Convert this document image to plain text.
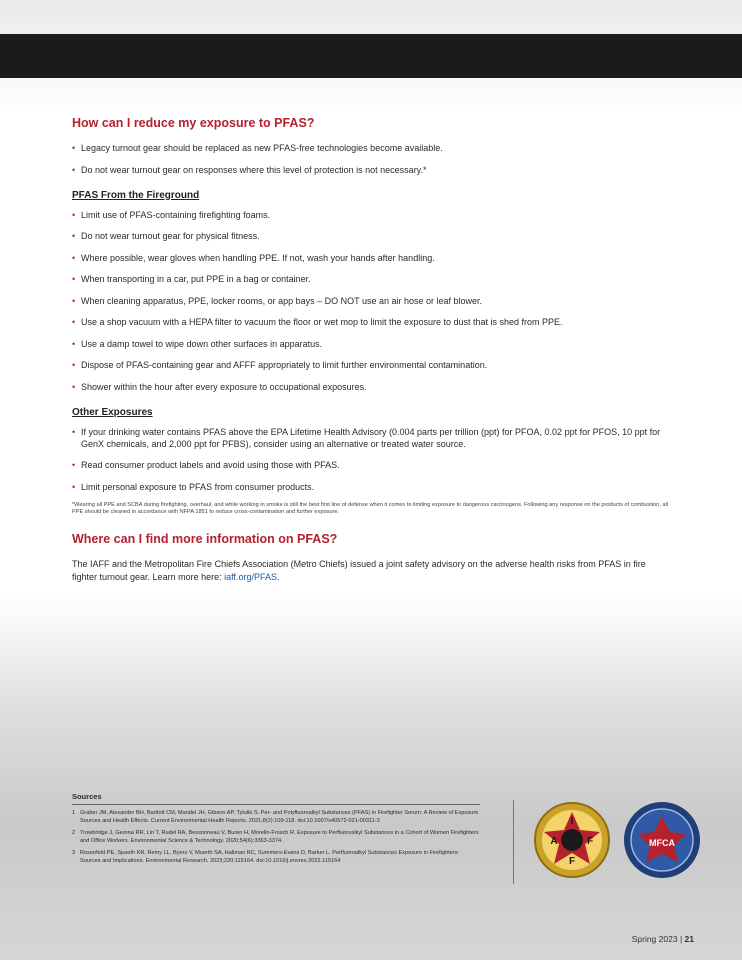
How can I reduce my exposure to PFAS?
• Legacy turnout gear should be replaced as new PFAS-free technologies become available.
• Do not wear turnout gear on responses where this level of protection is not necessary.*
PFAS From the Fireground
• Limit use of PFAS-containing firefighting foams.
• Do not wear turnout gear for physical fitness.
• Where possible, wear gloves when handling PPE. If not, wash your hands after handling.
• When transporting in a car, put PPE in a bag or container.
• When cleaning apparatus, PPE, locker rooms, or app bays – DO NOT use an air hose or leaf blower.
• Use a shop vacuum with a HEPA filter to vacuum the floor or wet mop to limit the exposure to dust that is shed from PPE.
• Use a damp towel to wipe down other surfaces in apparatus.
• Dispose of PFAS-containing gear and AFFF appropriately to limit further environmental contamination.
• Shower within the hour after every exposure to occupational exposures.
Other Exposures
• If your drinking water contains PFAS above the EPA Lifetime Health Advisory (0.004 parts per trillion (ppt) for PFOA, 0.02 ppt for PFOS, 10 ppt for GenX chemicals, and 2,000 ppt for PFBS), consider using an alternative or treated water source.
• Read consumer product labels and avoid using those with PFAS.
• Limit personal exposure to PFAS from consumer products.

*Wearing all PPE and SCBA during firefighting, overhaul, and while working in smoke is still the best first line of defense when it comes to limiting exposure to dangerous carcinogens. Following any response on the products of combustion, all PPE should be cleaned in accordance with NFPA 1851 to reduce cross-contamination and further exposure.

Where can I find more information on PFAS?

The IAFF and the Metropolitan Fire Chiefs Association (Metro Chiefs) issued a joint safety advisory on the adverse health risks from PFAS in fire fighter turnout gear. Learn more here: iaff.org/PFAS.

Sources
1 Graber JM, Alexander BH, Bartlett CM, Mandel JH, Gibson AP, Tylutki S. Per- and Polyfluoroalkyl Substances (PFAS) in Firefighter Serum: A Review of Exposure Sources and Health Effects. Current Environmental Health Reports. 2021;8(2):109-118. doi:10.1007/s40572-021-00311-3
2 Trowbridge J, Gerona RR, Lin T, Rudel RA, Bessonneau V, Buren H, Morello-Frosch R. Exposure to Perfluoroalkyl Substances in a Cohort of Women Firefighters and Office Workers. Environmental Science & Technology. 2020;54(6):3363-3374.
3 Rosenfeld PE, Spaeth KR, Remy LL, Byers V, Muerth SA, Hallman RC, Summers-Evans D, Barker L. Perfluoroalkyl Substances Exposure in Firefighters: Sources and Implications. Environmental Research. 2023;220:115164. doi:10.1016/j.envres.2022.115164
I
A	F
F
MFCA
Spring 2023 | 21
